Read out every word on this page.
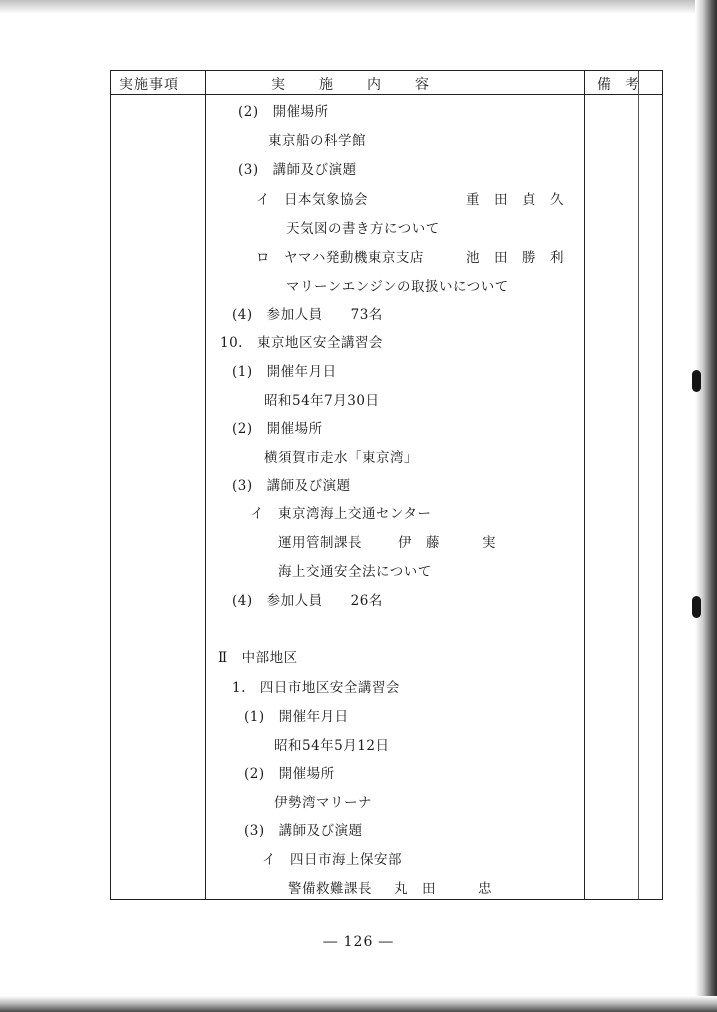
実施事項	実施内容	備考
(2)　開催場所
東京船の科学館
(3)　講師及び演題
イ　日本気象協会	重　田　貞　久
天気図の書き方について
ロ　ヤマハ発動機東京支店	池　田　勝　利
マリーンエンジンの取扱いについて
(4)　参加人員　　73名
10.　東京地区安全講習会
(1)　開催年月日
昭和54年7月30日
(2)　開催場所
横須賀市走水「東京湾」
(3)　講師及び演題
イ　東京湾海上交通センター
運用管制課長	伊　藤　　　実
海上交通安全法について
(4)　参加人員　　26名
Ⅱ　中部地区
1.　四日市地区安全講習会
(1)　開催年月日
昭和54年5月12日
(2)　開催場所
伊勢湾マリーナ
(3)　講師及び演題
イ　四日市海上保安部
警備救難課長 丸　田　　　忠
― 126 ―
